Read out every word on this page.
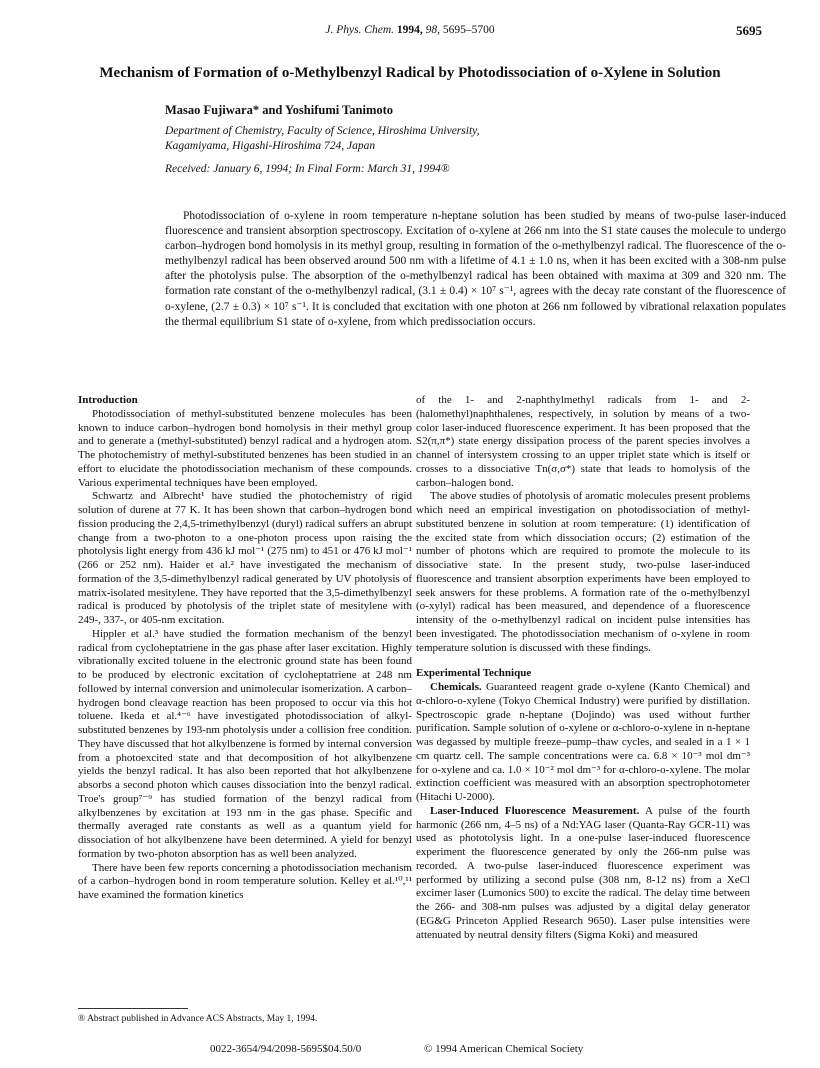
J. Phys. Chem. 1994, 98, 5695–5700	5695
Mechanism of Formation of o-Methylbenzyl Radical by Photodissociation of o-Xylene in Solution
Masao Fujiwara* and Yoshifumi Tanimoto
Department of Chemistry, Faculty of Science, Hiroshima University,
Kagamiyama, Higashi-Hiroshima 724, Japan
Received: January 6, 1994; In Final Form: March 31, 1994®
Photodissociation of o-xylene in room temperature n-heptane solution has been studied by means of two-pulse laser-induced fluorescence and transient absorption spectroscopy. Excitation of o-xylene at 266 nm into the S1 state causes the molecule to undergo carbon–hydrogen bond homolysis in its methyl group, resulting in formation of the o-methylbenzyl radical. The fluorescence of the o-methylbenzyl radical has been observed around 500 nm with a lifetime of 4.1 ± 1.0 ns, when it has been excited with a 308-nm pulse after the photolysis pulse. The absorption of the o-methylbenzyl radical has been obtained with maxima at 309 and 320 nm. The formation rate constant of the o-methylbenzyl radical, (3.1 ± 0.4) × 10⁷ s⁻¹, agrees with the decay rate constant of the fluorescence of o-xylene, (2.7 ± 0.3) × 10⁷ s⁻¹. It is concluded that excitation with one photon at 266 nm followed by vibrational relaxation populates the thermal equilibrium S1 state of o-xylene, from which predissociation occurs.

Introduction

Photodissociation of methyl-substituted benzene molecules has been known to induce carbon–hydrogen bond homolysis in their methyl group and to generate a (methyl-substituted) benzyl radical and a hydrogen atom. The photochemistry of methyl-substituted benzenes has been studied in an effort to elucidate the photodissociation mechanism of these compounds. Various experimental techniques have been employed.

Schwartz and Albrecht¹ have studied the photochemistry of rigid solution of durene at 77 K. It has been shown that carbon–hydrogen bond fission producing the 2,4,5-trimethylbenzyl (duryl) radical suffers an abrupt change from a two-photon to a one-photon process upon raising the photolysis light energy from 436 kJ mol⁻¹ (275 nm) to 451 or 476 kJ mol⁻¹ (266 or 252 nm). Haider et al.² have investigated the mechanism of formation of the 3,5-dimethylbenzyl radical generated by UV photolysis of matrix-isolated mesitylene. They have reported that the 3,5-dimethylbenzyl radical is produced by photolysis of the triplet state of mesitylene with 249-, 337-, or 405-nm excitation.

Hippler et al.³ have studied the formation mechanism of the benzyl radical from cycloheptatriene in the gas phase after laser excitation. Highly vibrationally excited toluene in the electronic ground state has been found to be produced by electronic excitation of cycloheptatriene at 248 nm followed by internal conversion and unimolecular isomerization. A carbon–hydrogen bond cleavage reaction has been proposed to occur via this hot toluene. Ikeda et al.⁴⁻⁶ have investigated photodissociation of alkyl-substituted benzenes by 193-nm photolysis under a collision free condition. They have discussed that hot alkylbenzene is formed by internal conversion from a photoexcited state and that decomposition of hot alkylbenzene yields the benzyl radical. It has also been reported that hot alkylbenzene absorbs a second photon which causes dissociation into the benzyl radical. Troe's group⁷⁻⁹ has studied formation of the benzyl radical from alkylbenzenes by excitation at 193 nm in the gas phase. Specific and thermally averaged rate constants as well as a quantum yield for dissociation of hot alkylbenzene have been determined. A yield for benzyl formation by two-photon absorption has as well been analyzed.

There have been few reports concerning a photodissociation mechanism of a carbon–hydrogen bond in room temperature solution. Kelley et al.¹⁰,¹¹ have examined the formation kinetics

of the 1- and 2-naphthylmethyl radicals from 1- and 2-(halomethyl)naphthalenes, respectively, in solution by means of a two-color laser-induced fluorescence experiment. It has been proposed that the S2(π,π*) state energy dissipation process of the parent species involves a channel of intersystem crossing to an upper triplet state which is itself or crosses to a dissociative Tn(σ,σ*) state that leads to homolysis of the carbon–halogen bond.

The above studies of photolysis of aromatic molecules present problems which need an empirical investigation on photodissociation of methyl-substituted benzene in solution at room temperature: (1) identification of the excited state from which dissociation occurs; (2) estimation of the number of photons which are required to promote the molecule to its dissociative state. In the present study, two-pulse laser-induced fluorescence and transient absorption experiments have been employed to seek answers for these problems. A formation rate of the o-methylbenzyl (o-xylyl) radical has been measured, and dependence of a fluorescence intensity of the o-methylbenzyl radical on incident pulse intensities has been investigated. The photodissociation mechanism of o-xylene in room temperature solution is discussed with these findings.

Experimental Technique

Chemicals. Guaranteed reagent grade o-xylene (Kanto Chemical) and α-chloro-o-xylene (Tokyo Chemical Industry) were purified by distillation. Spectroscopic grade n-heptane (Dojindo) was used without further purification. Sample solution of o-xylene or α-chloro-o-xylene in n-heptane was degassed by multiple freeze–pump–thaw cycles, and sealed in a 1 × 1 cm quartz cell. The sample concentrations were ca. 6.8 × 10⁻³ mol dm⁻³ for o-xylene and ca. 1.0 × 10⁻² mol dm⁻³ for α-chloro-o-xylene. The molar extinction coefficient was measured with an absorption spectrophotometer (Hitachi U-2000).

Laser-Induced Fluorescence Measurement. A pulse of the fourth harmonic (266 nm, 4–5 ns) of a Nd:YAG laser (Quanta-Ray GCR-11) was used as phototolysis light. In a one-pulse laser-induced fluorescence experiment the fluorescence generated by only the 266-nm pulse was recorded. A two-pulse laser-induced fluorescence experiment was performed by utilizing a second pulse (308 nm, 8-12 ns) from a XeCl excimer laser (Lumonics 500) to excite the radical. The delay time between the 266- and 308-nm pulses was adjusted by a digital delay generator (EG&G Princeton Applied Research 9650). Laser pulse intensities were attenuated by neutral density filters (Sigma Koki) and measured

® Abstract published in Advance ACS Abstracts, May 1, 1994.
0022-3654/94/2098-5695$04.50/0	© 1994 American Chemical Society
